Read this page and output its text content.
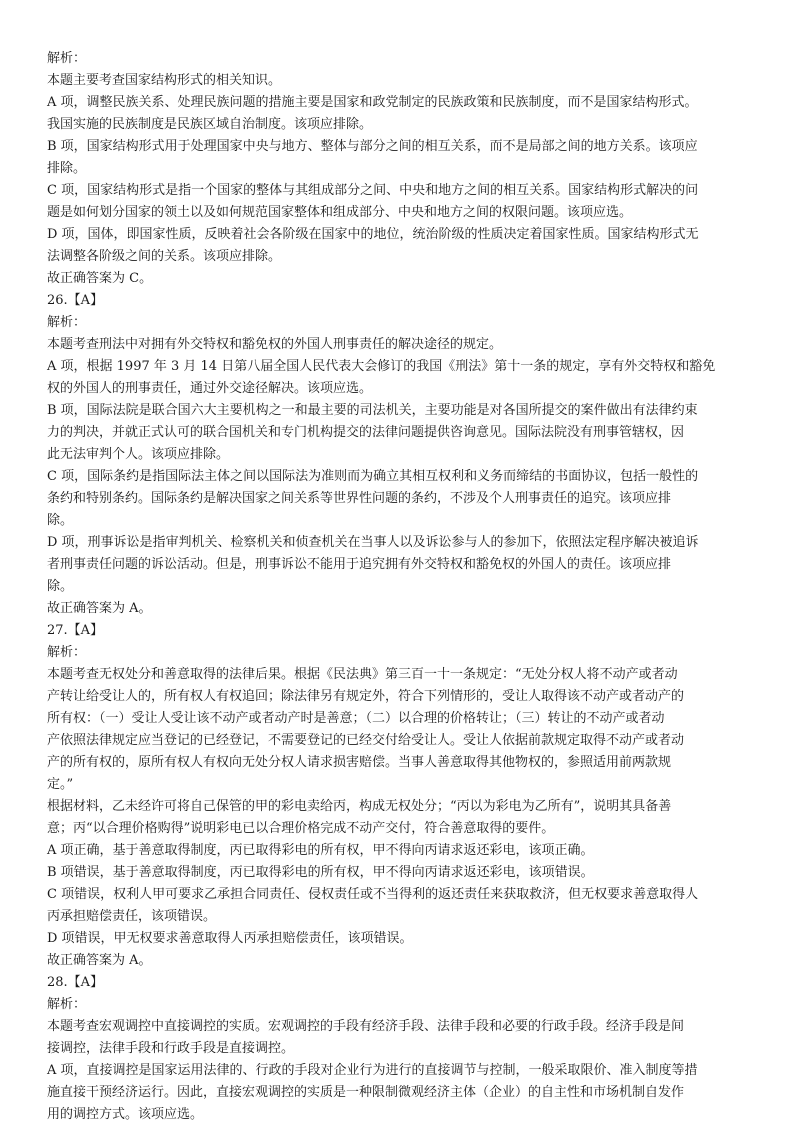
解析：

本题主要考查国家结构形式的相关知识。

A 项，调整民族关系、处理民族问题的措施主要是国家和政党制定的民族政策和民族制度，而不是国家结构形式。

我国实施的民族制度是民族区域自治制度。该项应排除。

B 项，国家结构形式用于处理国家中央与地方、整体与部分之间的相互关系，而不是局部之间的地方关系。该项应

排除。

C 项，国家结构形式是指一个国家的整体与其组成部分之间、中央和地方之间的相互关系。国家结构形式解决的问

题是如何划分国家的领土以及如何规范国家整体和组成部分、中央和地方之间的权限问题。该项应选。

D 项，国体，即国家性质，反映着社会各阶级在国家中的地位，统治阶级的性质决定着国家性质。国家结构形式无

法调整各阶级之间的关系。该项应排除。

故正确答案为 C。

26.【A】

解析：

本题考查刑法中对拥有外交特权和豁免权的外国人刑事责任的解决途径的规定。

A 项，根据 1997 年 3 月 14 日第八届全国人民代表大会修订的我国《刑法》第十一条的规定，享有外交特权和豁免

权的外国人的刑事责任，通过外交途径解决。该项应选。

B 项，国际法院是联合国六大主要机构之一和最主要的司法机关，主要功能是对各国所提交的案件做出有法律约束

力的判决，并就正式认可的联合国机关和专门机构提交的法律问题提供咨询意见。国际法院没有刑事管辖权，因

此无法审判个人。该项应排除。

C 项，国际条约是指国际法主体之间以国际法为准则而为确立其相互权利和义务而缔结的书面协议，包括一般性的

条约和特别条约。国际条约是解决国家之间关系等世界性问题的条约，不涉及个人刑事责任的追究。该项应排

除。

D 项，刑事诉讼是指审判机关、检察机关和侦查机关在当事人以及诉讼参与人的参加下，依照法定程序解决被追诉

者刑事责任问题的诉讼活动。但是，刑事诉讼不能用于追究拥有外交特权和豁免权的外国人的责任。该项应排

除。

故正确答案为 A。

27.【A】

解析：

本题考查无权处分和善意取得的法律后果。根据《民法典》第三百一十一条规定：“无处分权人将不动产或者动

产转让给受让人的，所有权人有权追回；除法律另有规定外，符合下列情形的，受让人取得该不动产或者动产的

所有权：（一）受让人受让该不动产或者动产时是善意；（二）以合理的价格转让；（三）转让的不动产或者动

产依照法律规定应当登记的已经登记，不需要登记的已经交付给受让人。受让人依据前款规定取得不动产或者动

产的所有权的，原所有权人有权向无处分权人请求损害赔偿。当事人善意取得其他物权的，参照适用前两款规

定。”

根据材料，乙未经许可将自己保管的甲的彩电卖给丙，构成无权处分；“丙以为彩电为乙所有”，说明其具备善

意；丙“以合理价格购得”说明彩电已以合理价格完成不动产交付，符合善意取得的要件。

A 项正确，基于善意取得制度，丙已取得彩电的所有权，甲不得向丙请求返还彩电，该项正确。

B 项错误，基于善意取得制度，丙已取得彩电的所有权，甲不得向丙请求返还彩电，该项错误。

C 项错误，权利人甲可要求乙承担合同责任、侵权责任或不当得利的返还责任来获取救济，但无权要求善意取得人

丙承担赔偿责任，该项错误。

D 项错误，甲无权要求善意取得人丙承担赔偿责任，该项错误。

故正确答案为 A。

28.【A】

解析：

本题考查宏观调控中直接调控的实质。宏观调控的手段有经济手段、法律手段和必要的行政手段。经济手段是间

接调控，法律手段和行政手段是直接调控。

A 项，直接调控是国家运用法律的、行政的手段对企业行为进行的直接调节与控制，一般采取限价、准入制度等措

施直接干预经济运行。因此，直接宏观调控的实质是一种限制微观经济主体（企业）的自主性和市场机制自发作

用的调控方式。该项应选。
